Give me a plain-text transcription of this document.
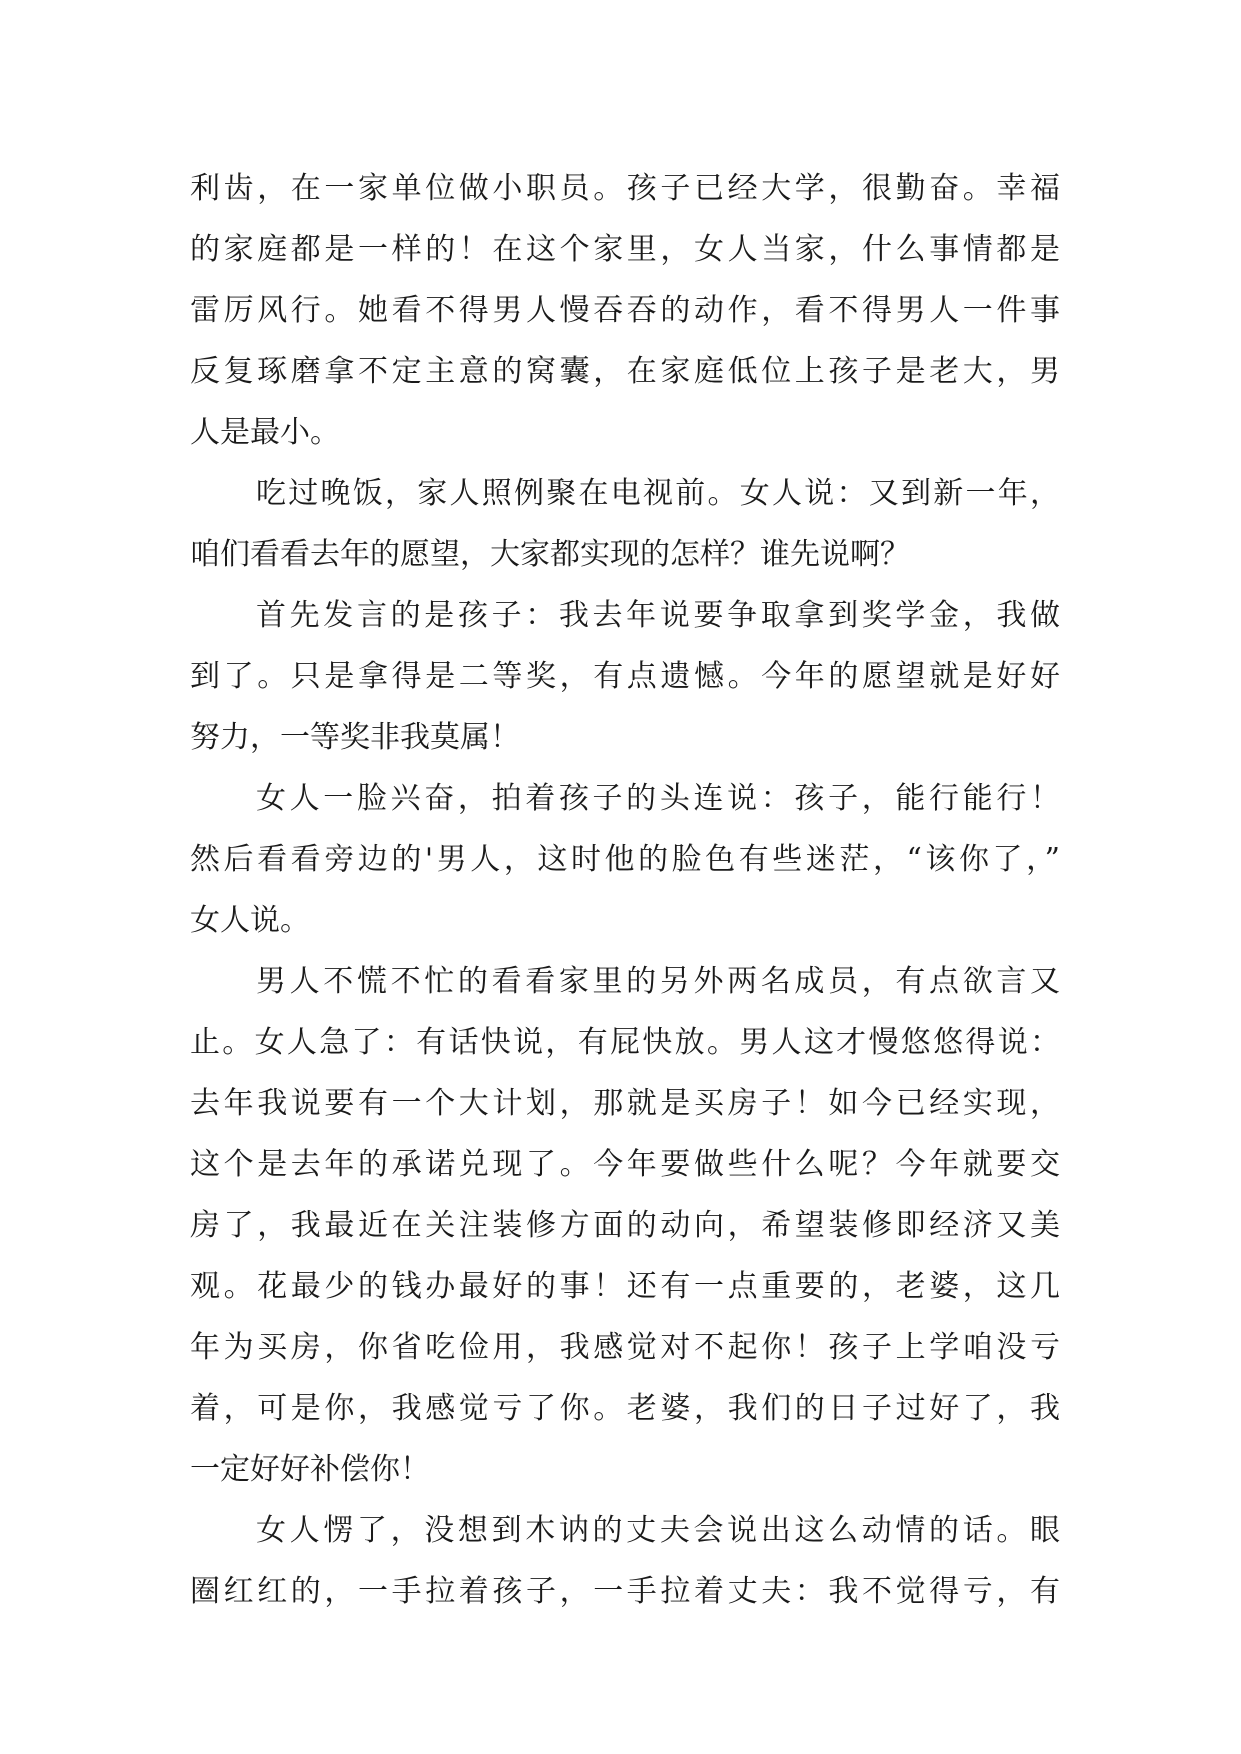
利齿，在一家单位做小职员。孩子已经大学，很勤奋。幸福
的家庭都是一样的！在这个家里，女人当家，什么事情都是
雷厉风行。她看不得男人慢吞吞的动作，看不得男人一件事
反复琢磨拿不定主意的窝囊，在家庭低位上孩子是老大，男
人是最小。
吃过晚饭，家人照例聚在电视前。女人说：又到新一年，
咱们看看去年的愿望，大家都实现的怎样？谁先说啊？
首先发言的是孩子：我去年说要争取拿到奖学金，我做
到了。只是拿得是二等奖，有点遗憾。今年的愿望就是好好
努力，一等奖非我莫属！
女人一脸兴奋，拍着孩子的头连说：孩子，能行能行！
然后看看旁边的'男人，这时他的脸色有些迷茫，“该你了，”
女人说。
男人不慌不忙的看看家里的另外两名成员，有点欲言又
止。女人急了：有话快说，有屁快放。男人这才慢悠悠得说：
去年我说要有一个大计划，那就是买房子！如今已经实现，
这个是去年的承诺兑现了。今年要做些什么呢？今年就要交
房了，我最近在关注装修方面的动向，希望装修即经济又美
观。花最少的钱办最好的事！还有一点重要的，老婆，这几
年为买房，你省吃俭用，我感觉对不起你！孩子上学咱没亏
着，可是你，我感觉亏了你。老婆，我们的日子过好了，我
一定好好补偿你！
女人愣了，没想到木讷的丈夫会说出这么动情的话。眼
圈红红的，一手拉着孩子，一手拉着丈夫：我不觉得亏，有
